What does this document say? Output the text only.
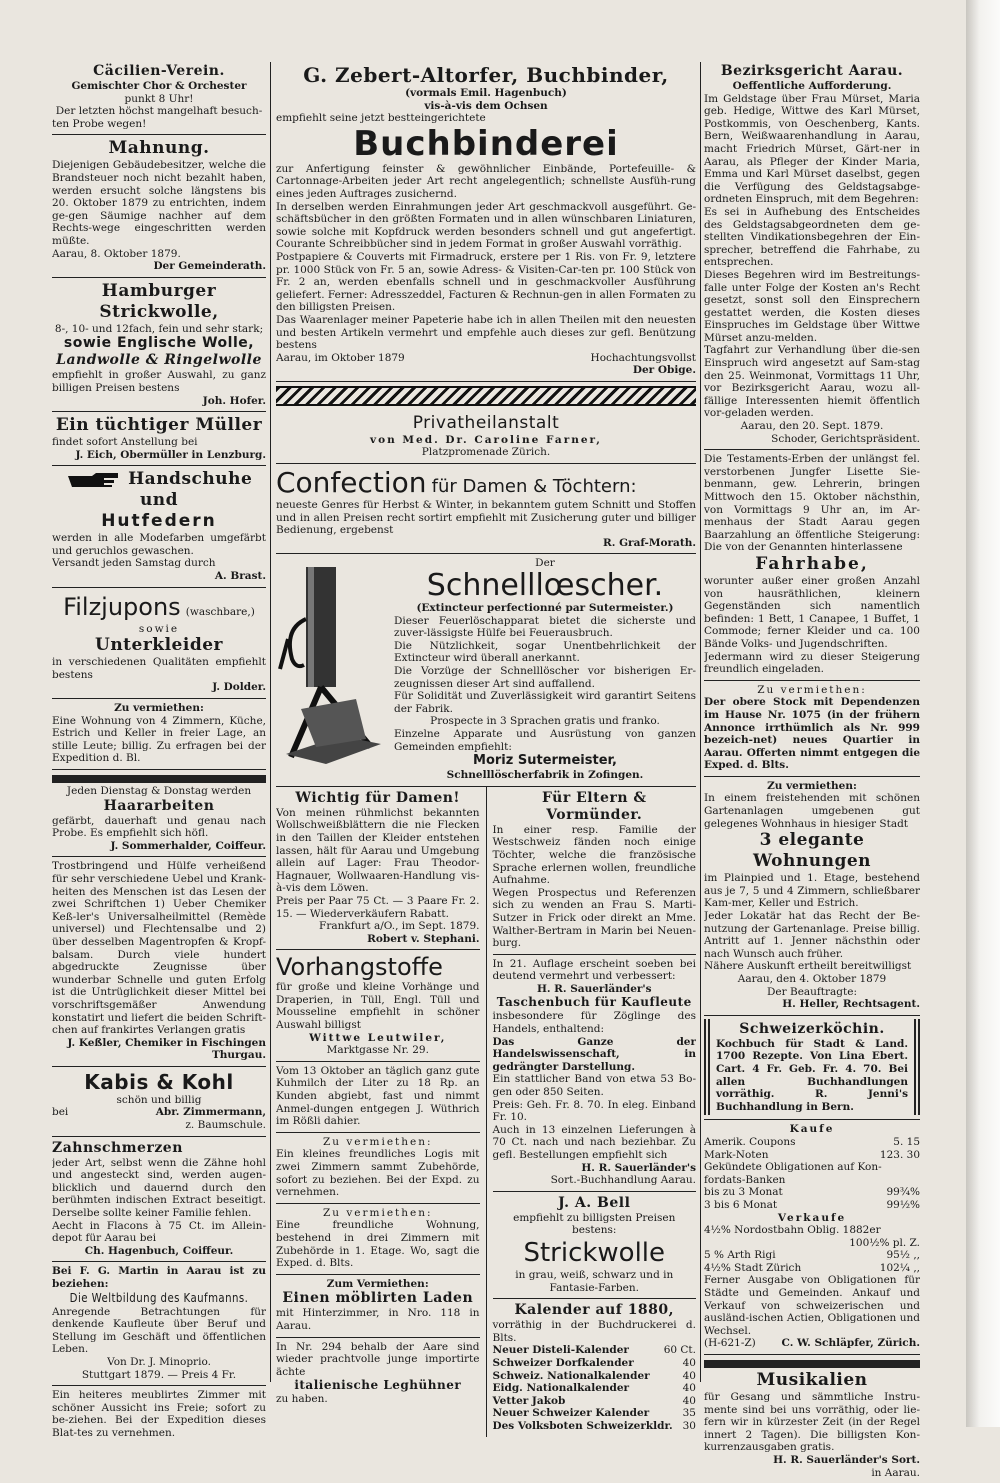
Cäcilien-Verein.
Gemischter Chor & Orchester
punkt 8 Uhr!
Der letzten höchst mangelhaft besuch-
ten Probe wegen!
Mahnung.
Diejenigen Gebäudebesitzer, welche die Brandsteuer noch nicht bezahlt haben, werden ersucht solche längstens bis 20. Oktober 1879 zu entrichten, indem ge-gen Säumige nachher auf dem Rechts-wege eingeschritten werden müßte.
Aarau, 8. Oktober 1879.
Der Gemeinderath.
Hamburger Strickwolle,
8-, 10- und 12fach, fein und sehr stark;
sowie Englische Wolle,
Landwolle & Ringelwolle
empfiehlt in großer Auswahl, zu ganz billigen Preisen bestens
Joh. Hofer.
Ein tüchtiger Müller
findet sofort Anstellung bei
J. Eich, Obermüller in Lenzburg.
Handschuhe und
Hutfedern
werden in alle Modefarben umgefärbt und geruchlos gewaschen.
Versandt jeden Samstag durch
A. Brast.
Filzjupons (waschbare,)
sowie
Unterkleider
in verschiedenen Qualitäten empfiehlt bestens
J. Dolder.
Zu vermiethen:
Eine Wohnung von 4 Zimmern, Küche, Estrich und Keller in freier Lage, an stille Leute; billig. Zu erfragen bei der Expedition d. Bl.
Jeden Dienstag & Donstag werden
Haararbeiten
gefärbt, dauerhaft und genau nach Probe. Es empfiehlt sich höfl.
J. Sommerhalder, Coiffeur.
Trostbringend und Hülfe verheißend für sehr verschiedene Uebel und Krank-heiten des Menschen ist das Lesen der zwei Schriftchen 1) Ueber Chemiker Keß-ler's Universalheilmittel (Remède universel) und Flechtensalbe und 2) über desselben Magentropfen & Kropf-balsam. Durch viele hundert abgedruckte Zeugnisse über wunderbar Schnelle und guten Erfolg ist die Untrüglichkeit dieser Mittel bei vorschriftsgemäßer Anwendung konstatirt und liefert die beiden Schrift-chen auf frankirtes Verlangen gratis
J. Keßler, Chemiker in Fischingen Thurgau.
Kabis & Kohl
schön und billig
bei	Abr. Zimmermann,
z. Baumschule.
Zahnschmerzen
jeder Art, selbst wenn die Zähne hohl und angesteckt sind, werden augen-blicklich und dauernd durch den berühmten indischen Extract beseitigt. Derselbe sollte keiner Familie fehlen.
Aecht in Flacons à 75 Ct. im Allein-depot für Aarau bei
Ch. Hagenbuch, Coiffeur.
Bei F. G. Martin in Aarau ist zu beziehen:
Die Weltbildung des Kaufmanns.
Anregende Betrachtungen für denkende Kaufleute über Beruf und Stellung im Geschäft und öffentlichen Leben.
Von Dr. J. Minoprio.
Stuttgart 1879. — Preis 4 Fr.
Ein heiteres meublirtes Zimmer mit schöner Aussicht ins Freie; sofort zu be-ziehen. Bei der Expedition dieses Blat-tes zu vernehmen.
G. Zebert-Altorfer, Buchbinder,
(vormals Emil. Hagenbuch)
vis-à-vis dem Ochsen
empfiehlt seine jetzt bestteingerichtete
Buchbinderei
zur Anfertigung feinster & gewöhnlicher Einbände, Portefeuille- & Cartonnage-Arbeiten jeder Art recht angelegentlich; schnellste Ausfüh-rung eines jeden Auftrages zusichernd.
In derselben werden Einrahmungen jeder Art geschmackvoll ausgeführt. Ge-schäftsbücher in den größten Formaten und in allen wünschbaren Liniaturen, sowie solche mit Kopfdruck werden besonders schnell und gut angefertigt. Courante Schreibbücher sind in jedem Format in großer Auswahl vorräthig.
Postpapiere & Couverts mit Firmadruck, erstere per 1 Ris. von Fr. 9, letztere pr. 1000 Stück von Fr. 5 an, sowie Adress- & Visiten-Car-ten pr. 100 Stück von Fr. 2 an, werden ebenfalls schnell und in geschmackvoller Ausführung geliefert. Ferner: Adresszeddel, Facturen & Rechnun-gen in allen Formaten zu den billigsten Preisen.
Das Waarenlager meiner Papeterie habe ich in allen Theilen mit den neuesten und besten Artikeln vermehrt und empfehle auch dieses zur gefl. Benützung bestens
Aarau, im Oktober 1879	Hochachtungsvollst
Der Obige.
Privatheilanstalt
von Med. Dr. Caroline Farner,
Platzpromenade Zürich.
Confection für Damen & Töchtern:
neueste Genres für Herbst & Winter, in bekanntem gutem Schnitt und Stoffen und in allen Preisen recht sortirt empfiehlt mit Zusicherung guter und billiger Bedienung, ergebenst
R. Graf-Morath.
Der
Schnelllœscher.
(Extincteur perfectionné par Sutermeister.)
Dieser Feuerlöschapparat bietet die sicherste und zuver-lässigste Hülfe bei Feuerausbruch.
Die Nützlichkeit, sogar Unentbehrlichkeit der Extincteur wird überall anerkannt.
Die Vorzüge der Schnelllöscher vor bisherigen Er-zeugnissen dieser Art sind auffallend.
Für Solidität und Zuverlässigkeit wird garantirt Seitens der Fabrik.
Prospecte in 3 Sprachen gratis und franko.
Einzelne Apparate und Ausrüstung von ganzen Gemeinden empfiehlt:
Moriz Sutermeister,
Schnelllöscherfabrik in Zofingen.
Wichtig für Damen!
Von meinen rühmlichst bekannten Wollschweißblättern die nie Flecken in den Taillen der Kleider entstehen lassen, hält für Aarau und Umgebung allein auf Lager: Frau Theodor-Hagnauer, Wollwaaren-Handlung vis-à-vis dem Löwen.
Preis per Paar 75 Ct. — 3 Paare Fr. 2. 15. — Wiederverkäufern Rabatt.
Frankfurt a/O., im Sept. 1879.
Robert v. Stephani.
Vorhangstoffe
für große und kleine Vorhänge und Draperien, in Tüll, Engl. Tüll und Mousseline empfiehlt in schöner Auswahl billigst
Wittwe Leutwiler,
Marktgasse Nr. 29.
Vom 13 Oktober an täglich ganz gute Kuhmilch der Liter zu 18 Rp. an Kunden abgiebt, fast und nimmt Anmel-dungen entgegen J. Wüthrich im Rößli dahier.
Zu vermiethen:
Ein kleines freundliches Logis mit zwei Zimmern sammt Zubehörde, sofort zu beziehen. Bei der Expd. zu vernehmen.
Zu vermiethen:
Eine freundliche Wohnung, bestehend in drei Zimmern mit Zubehörde in 1. Etage. Wo, sagt die Exped. d. Blts.
Zum Vermiethen:
Einen möblirten Laden
mit Hinterzimmer, in Nro. 118 in Aarau.
In Nr. 294 behalb der Aare sind wieder prachtvolle junge importirte ächte
italienische Leghühner
zu haben.
Für Eltern & Vormünder.
In einer resp. Familie der Westschweiz fänden noch einige Töchter, welche die französische Sprache erlernen wollen, freundliche Aufnahme.
Wegen Prospectus und Referenzen sich zu wenden an Frau S. Marti-Sutzer in Frick oder direkt an Mme. Walther-Bertram in Marin bei Neuen-burg.
In 21. Auflage erscheint soeben bei deutend vermehrt und verbessert:
H. R. Sauerländer's
Taschenbuch für Kaufleute
insbesondere für Zöglinge des Handels, enthaltend:
Das Ganze der Handelswissenschaft, in gedrängter Darstellung.
Ein stattlicher Band von etwa 53 Bo-gen oder 850 Seiten.
Preis: Geh. Fr. 8. 70. In eleg. Einband Fr. 10.
Auch in 13 einzelnen Lieferungen à 70 Ct. nach und nach beziehbar. Zu gefl. Bestellungen empfiehlt sich
H. R. Sauerländer's
Sort.-Buchhandlung Aarau.
J. A. Bell
empfiehlt zu billigsten Preisen bestens:
Strickwolle
in grau, weiß, schwarz und in Fantasie-Farben.
Kalender auf 1880,
vorräthig in der Buchdruckerei d. Blts.
Neuer Disteli-Kalender	60 Ct.
Schweizer Dorfkalender	40
Schweiz. Nationalkalender	40
Eidg. Nationalkalender	40
Vetter Jakob	40
Neuer Schweizer Kalender	35
Des Volksboten Schweizerkldr. 30
Bezirksgericht Aarau.
Oeffentliche Aufforderung.
Im Geldstage über Frau Mürset, Maria geb. Hedige, Wittwe des Karl Mürset, Postkommis, von Oeschenberg, Kants. Bern, Weißwaarenhandlung in Aarau, macht Friedrich Mürset, Gärt-ner in Aarau, als Pfleger der Kinder Maria, Emma und Karl Mürset daselbst, gegen die Verfügung des Geldstagsabge-ordneten Einspruch, mit dem Begehren:
Es sei in Aufhebung des Entscheides des Geldstagsabgeordneten dem ge-stellten Vindikationsbegehren der Ein-sprecher, betreffend die Fahrhabe, zu entsprechen.
Dieses Begehren wird im Bestreitungs-falle unter Folge der Kosten an's Recht gesetzt, sonst soll den Einsprechern gestattet werden, die Kosten dieses Einspruches im Geldstage über Wittwe Mürset anzu-melden.
Tagfahrt zur Verhandlung über die-sen Einspruch wird angesetzt auf Sam-stag den 25. Weinmonat, Vormittags 11 Uhr, vor Bezirksgericht Aarau, wozu all-fällige Interessenten hiemit öffentlich vor-geladen werden.
Aarau, den 20. Sept. 1879.
Schoder, Gerichtspräsident.
Die Testaments-Erben der unlängst fel. verstorbenen Jungfer Lisette Sie-benmann, gew. Lehrerin, bringen Mittwoch den 15. Oktober nächsthin, von Vormittags 9 Uhr an, im Ar-menhaus der Stadt Aarau gegen Baarzahlung an öffentliche Steigerung: Die von der Genannten hinterlassene
Fahrhabe,
worunter außer einer großen Anzahl von hausräthlichen, kleinern Gegenständen sich namentlich befinden: 1 Bett, 1 Canapee, 1 Buffet, 1 Commode; ferner Kleider und ca. 100 Bände Volks- und Jugendschriften.
Jedermann wird zu dieser Steigerung freundlich eingeladen.
Zu vermiethen:
Der obere Stock mit Dependenzen im Hause Nr. 1075 (in der frühern Annonce irrthümlich als Nr. 999 bezeich-net) neues Quartier in Aarau. Offerten nimmt entgegen die Exped. d. Blts.
Zu vermiethen:
In einem freistehenden mit schönen Gartenanlagen umgebenen gut gelegenes Wohnhaus in hiesiger Stadt
3 elegante Wohnungen
im Plainpied und 1. Etage, bestehend aus je 7, 5 und 4 Zimmern, schließbarer Kam-mer, Keller und Estrich.
Jeder Lokatär hat das Recht der Be-nutzung der Gartenanlage. Preise billig. Antritt auf 1. Jenner nächsthin oder nach Wunsch auch früher.
Nähere Auskunft ertheilt bereitwilligst
Aarau, den 4. Oktober 1879
Der Beauftragte:
H. Heller, Rechtsagent.
Schweizerköchin.
Kochbuch für Stadt & Land. 1700 Rezepte. Von Lina Ebert. Cart. 4 Fr. Geb. Fr. 4. 70. Bei allen Buchhandlungen vorräthig. R. Jenni's Buchhandlung in Bern.
Kaufe
Amerik. Coupons	5. 15
Mark-Noten	123. 30
Gekündete Obligationen auf Kon-
fordats-Banken
bis zu 3 Monat	99¾%
3 bis 6 Monat	99½%
Verkaufe
4½% Nordostbahn Oblig. 1882er
100½% pl. Z.
5 % Arth Rigi	95½ ,,
4½% Stadt Zürich	102¼ ,,
Ferner Ausgabe von Obligationen für Städte und Gemeinden. Ankauf und Verkauf von schweizerischen und ausländ-ischen Actien, Obligationen und Wechsel.
(H-621-Z) C. W. Schläpfer, Zürich.
Musikalien
für Gesang und sämmtliche Instru-mente sind bei uns vorräthig, oder lie-fern wir in kürzester Zeit (in der Regel innert 2 Tagen). Die billigsten Kon-kurrenzausgaben gratis.
H. R. Sauerländer's Sort.
in Aarau.
